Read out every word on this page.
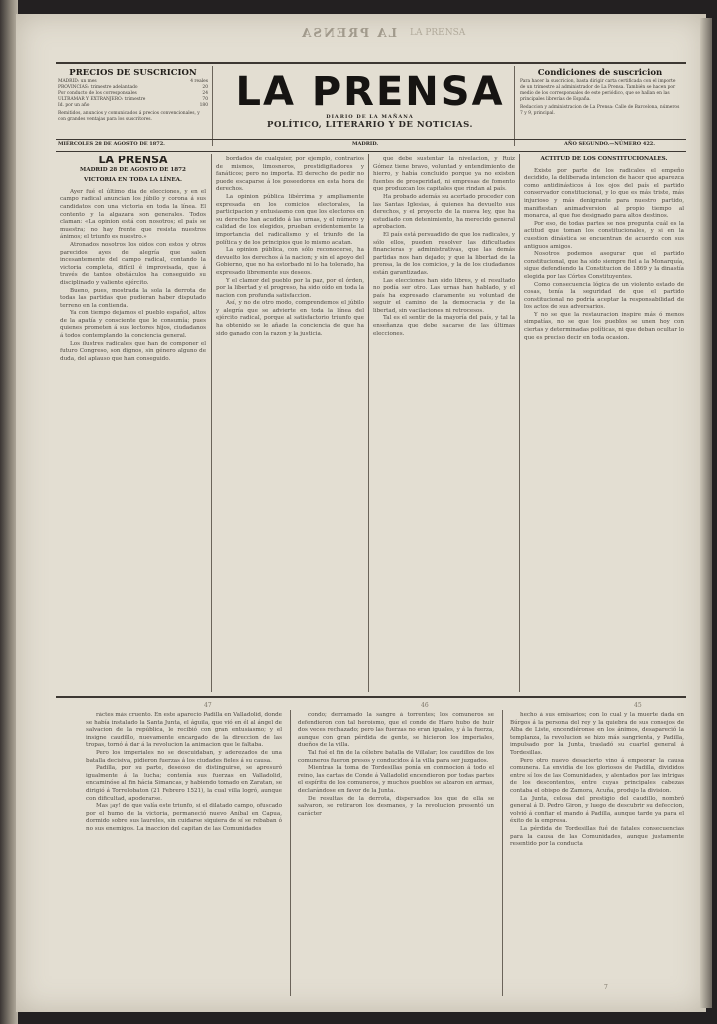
LA PRENSA LA PRENSA
PRECIOS DE SUSCRICION
MADRID: un mes	4 reales
PROVINCIAS: trimestre adelantado	20
Por conducto de los corresponsales	24
ULTRAMAR Y EXTRANJERO: trimestre	70
Id. por un año	180
Remitidos, anuncios y comunicados á precios convencionales, y con grandes ventajas para los suscritores.
LA PRENSA
DIARIO DE LA MAÑANA
POLÍTICO, LITERARIO Y DE NOTICIAS.
Condiciones de suscricion
Para hacer la suscricion, basta dirigir carta certificada con el importe de un trimestre al administrador de La Prensa. También se hacen por medio de los corresponsales de este periódico, que se hallan en las principales librerías de España.
Redaccion y administracion de La Prensa: Calle de Barcelona, números 7 y 9, principal.
MIÉRCOLES 28 DE AGOSTO DE 1872.	MADRID.	AÑO SEGUNDO.—NÚMERO 422.
LA PRENSA
MADRID 28 DE AGOSTO DE 1872
VICTORIA EN TODA LA LÍNEA.

Ayer fué el último dia de elecciones, y en el campo radical anuncian los júbilo y corona á sus candidatos con una victoria en toda la línea. El contento y la algazara son generales. Todos claman: «La opinion está con nosotros; el país se muestra; no hay frente que resista nuestros ánimos; el triunfo es nuestro.»

Atronados nosotros los oidos con estos y otros parecidos ayes de alegría que salen incesantemente del campo radical, contando la victoria completa, difícil é improvisada, que á través de tantos obstáculos ha conseguido su disciplinado y valiente ejército.

Bueno, pues, mostrada la sola la derrota de todas las partidas que pudieran haber disputado terreno en la contienda.

Ya con tiempo dejamos el pueblo español, altos de la apatía y consciente que le consumía; pues quienes prometen á sus lectores hijos, ciudadanos á todos contemplando la conciencia general.

Los ilustres radicales que han de componer el futuro Congreso, son dignos, sin género alguno de duda, del aplauso que han conseguido.

bordados de cualquier, por ejemplo, contrarios de mismos, limosneros, prestidigitadores y fanáticos; pero no importa. El derecho de pedir no puede escaparse á los poseedores en esta hora de derechos.

La opinion pública libérrima y ampliamente expresada en los comicios electorales, la participacion y entusiasmo con que los electores en su derecho han acudido á las urnas, y el número y calidad de los elegidos, prueban evidentemente la importancia del radicalismo y el triunfo de la política y de los principios que lo mismo acatan.

La opinion pública, con sólo reconocerse, ha devuelto los derechos á la nacion; y sin el apoyo del Gobierno, que no ha estorbado ni lo ha tolerado, ha expresado libremente sus deseos.

Y el clamor del pueblo por la paz, por el órden, por la libertad y el progreso, ha sido oído en toda la nacion con profunda satisfaccion.

Así, y no de otro modo, comprendemos el júbilo y alegría que se advierte en toda la línea del ejército radical, porque al satisfactorio triunfo que ha obtenido se le añade la conciencia de que ha sido ganado con la razon y la justicia.

que debe sustentar la nivelacion, y Ruiz Gómez tiene bravo, voluntad y entendimiento de hierro, y había concluido porque ya no existen fuentes de prosperidad, ni empresas de fomento que produzcan los capitales que rindan al país.

Ha probado además su acertado proceder con las Santas Iglesias, á quienes ha devuelto sus derechos, y el proyecto de la nueva ley, que ha estudiado con detenimiento, ha merecido general aprobacion.

El país está persuadido de que los radicales, y sólo ellos, pueden resolver las dificultades financieras y administrativas, que las demás partidas nos han dejado; y que la libertad de la prensa, la de los comicios, y la de los ciudadanos están garantizadas.

Las elecciones han sido libres, y el resultado no podía ser otro. Las urnas han hablado, y el país ha expresado claramente su voluntad de seguir el camino de la democracia y de la libertad, sin vacilaciones ni retrocesos.

Tal es el sentir de la mayoría del país, y tal la enseñanza que debe sacarse de las últimas elecciones.

ACTITUD DE LOS CONSTITUCIONALES.

Existe por parte de los radicales el empeño decidido, la deliberada intencion de hacer que aparezca como antidinásticos á los ojos del país el partido conservador constitucional, y lo que es más triste, más injurioso y más denigrante para nuestro partido, manifiestan animadversion al propio tiempo al monarca, al que fue designado para altos destinos.

Por eso, de todas partes se nos pregunta cuál es la actitud que toman los constitucionales, y si en la cuestion dinástica se encuentran de acuerdo con sus antiguos amigos.

Nosotros podemos asegurar que el partido constitucional, que ha sido siempre fiel a la Monarquía, sigue defendiendo la Constitucion de 1869 y la dinastía elegida por las Córtes Constituyentes.

Como consecuencia lógica de un violento estado de cosas, tenía la seguridad de que el partido constitucional no podría aceptar la responsabilidad de los actos de sus adversarios.

Y no se que la restauracion inspire más ó menos simpatías, no se que los pueblos se unen hoy con ciertas y determinadas políticas, ni que deban ocultar lo que es preciso decir en toda ocasion.

47	46	45

ráctes más cruento. En este aparecio Padilla en Valladolid, donde se había instalado la Santa Junta, el águila, que vió en él al ángel de salvacion de la república, le recibió con gran entusiasmo; y el insigne caudillo, nuevamente encargado de la direccion de las tropas, tornó á dar á la revolucion la animacion que le faltaba.

Pero los imperiales no se descuidaban, y aderezados de una batalla decisiva, pidieron fuerzas á los ciudades fieles á su causa.

Padilla, por su parte, deseoso de distinguirse, se apresuró igualmente á la lucha; contenía sus fuerzas en Valladolid, encaminóse al fin hácia Simancas, y habiendo tomado en Zaratan, se dirigió á Torrelobaton (21 Febrero 1521), la cual villa logró, aunque con dificultad, apoderarse.

Mas ¡ay! de que valía este triunfo, si el dilatado campo, ofuscado por el humo de la victoria, permaneció nuevo Aníbal en Capua, dormido sobre sus laureles, sin cuidarse siquiera de sí se rebaban ó no sus enemigos. La inaccion del capitan de las Comunidades

condo; derramado la sangre á torrentes; los comuneros se defendieron con tal heroismo, que el conde de Haro hubo de huir dos veces rechazado; pero las fuerzas no eran iguales, y á la fuerza, aunque con gran pérdida de gente, se hicieron los imperiales, dueños de la villa.

Tal fué el fin de la célebre batalla de Villalar; los caudillos de los comuneros fueron presos y conducidos á la villa para ser juzgados.

Mientras la toma de Tordesillas ponía en conmocion á todo el reino, las cartas de Conde á Valladolid encendieron por todas partes el espíritu de los comuneros, y muchos pueblos se alzaron en armas, declarándose en favor de la Junta.

De resultas de la derrota, dispersados los que de ella se salvaron, se retiraron los desmanes, y la revolucion presentó un carácter

hecho á sus emisarios; con lo cual y la muerte dada en Búrgos á la persona del rey y la quiebra de sus consejos de Alba de Liste, encendiéronse en los ánimos, desapareció la templanza, la revolucion se hizo más sangrienta, y Padilla, impulsado por la Junta, trasladó su cuartel general á Tordesillas.

Pero otro nuevo desacierto vino á empeorar la causa comunera. La envidia de los gloriosos de Padilla, divididos entre sí los de las Comunidades, y alentados por las intrigas de los descontentos, entre cuyas principales cabezas contaba el obispo de Zamora, Acuña, produjo la division.

La Junta, celosa del prestigio del caudillo, nombró general á D. Pedro Giron, y luego de descubrir su defeccion, volvió á confiar el mando á Padilla, aunque tarde ya para el éxito de la empresa.

La pérdida de Tordesillas fué de fatales consecuencias para la causa de las Comunidades, aunque justamente resentido por la conducta

7
